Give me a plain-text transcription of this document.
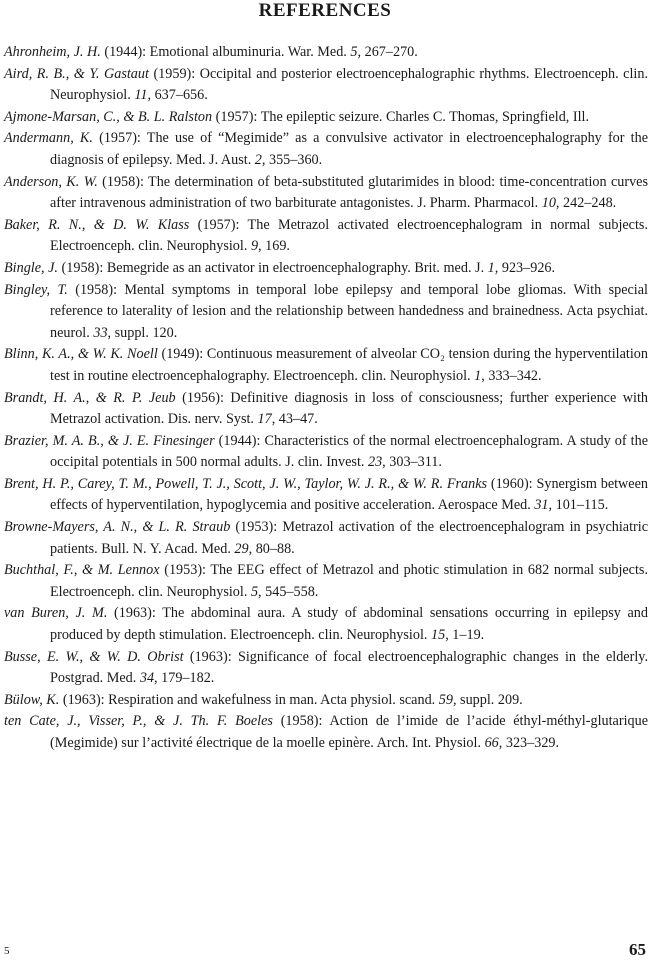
REFERENCES

Ahronheim, J. H. (1944): Emotional albuminuria. War. Med. 5, 267–270.

Aird, R. B., & Y. Gastaut (1959): Occipital and posterior electroencephalographic rhythms. Electroenceph. clin. Neurophysiol. 11, 637–656.

Ajmone-Marsan, C., & B. L. Ralston (1957): The epileptic seizure. Charles C. Thomas, Springfield, Ill.

Andermann, K. (1957): The use of “Megimide” as a convulsive activator in electroencephalography for the diagnosis of epilepsy. Med. J. Aust. 2, 355–360.

Anderson, K. W. (1958): The determination of beta-substituted glutarimides in blood: time-concentration curves after intravenous administration of two barbiturate antagonistes. J. Pharm. Pharmacol. 10, 242–248.

Baker, R. N., & D. W. Klass (1957): The Metrazol activated electroencephalogram in normal subjects. Electroenceph. clin. Neurophysiol. 9, 169.

Bingle, J. (1958): Bemegride as an activator in electroencephalography. Brit. med. J. 1, 923–926.

Bingley, T. (1958): Mental symptoms in temporal lobe epilepsy and temporal lobe gliomas. With special reference to laterality of lesion and the relationship between handedness and brainedness. Acta psychiat. neurol. 33, suppl. 120.

Blinn, K. A., & W. K. Noell (1949): Continuous measurement of alveolar CO₂ tension during the hyperventilation test in routine electroencephalography. Electroenceph. clin. Neurophysiol. 1, 333–342.

Brandt, H. A., & R. P. Jeub (1956): Definitive diagnosis in loss of consciousness; further experience with Metrazol activation. Dis. nerv. Syst. 17, 43–47.

Brazier, M. A. B., & J. E. Finesinger (1944): Characteristics of the normal electroencephalogram. A study of the occipital potentials in 500 normal adults. J. clin. Invest. 23, 303–311.

Brent, H. P., Carey, T. M., Powell, T. J., Scott, J. W., Taylor, W. J. R., & W. R. Franks (1960): Synergism between effects of hyperventilation, hypoglycemia and positive acceleration. Aerospace Med. 31, 101–115.

Browne-Mayers, A. N., & L. R. Straub (1953): Metrazol activation of the electroencephalogram in psychiatric patients. Bull. N. Y. Acad. Med. 29, 80–88.

Buchthal, F., & M. Lennox (1953): The EEG effect of Metrazol and photic stimulation in 682 normal subjects. Electroenceph. clin. Neurophysiol. 5, 545–558.

van Buren, J. M. (1963): The abdominal aura. A study of abdominal sensations occurring in epilepsy and produced by depth stimulation. Electroenceph. clin. Neurophysiol. 15, 1–19.

Busse, E. W., & W. D. Obrist (1963): Significance of focal electroencephalographic changes in the elderly. Postgrad. Med. 34, 179–182.

Bülow, K. (1963): Respiration and wakefulness in man. Acta physiol. scand. 59, suppl. 209.

ten Cate, J., Visser, P., & J. Th. F. Boeles (1958): Action de l’imide de l’acide éthyl-méthyl-glutarique (Megimide) sur l’activité électrique de la moelle epinère. Arch. Int. Physiol. 66, 323–329.

5	65
